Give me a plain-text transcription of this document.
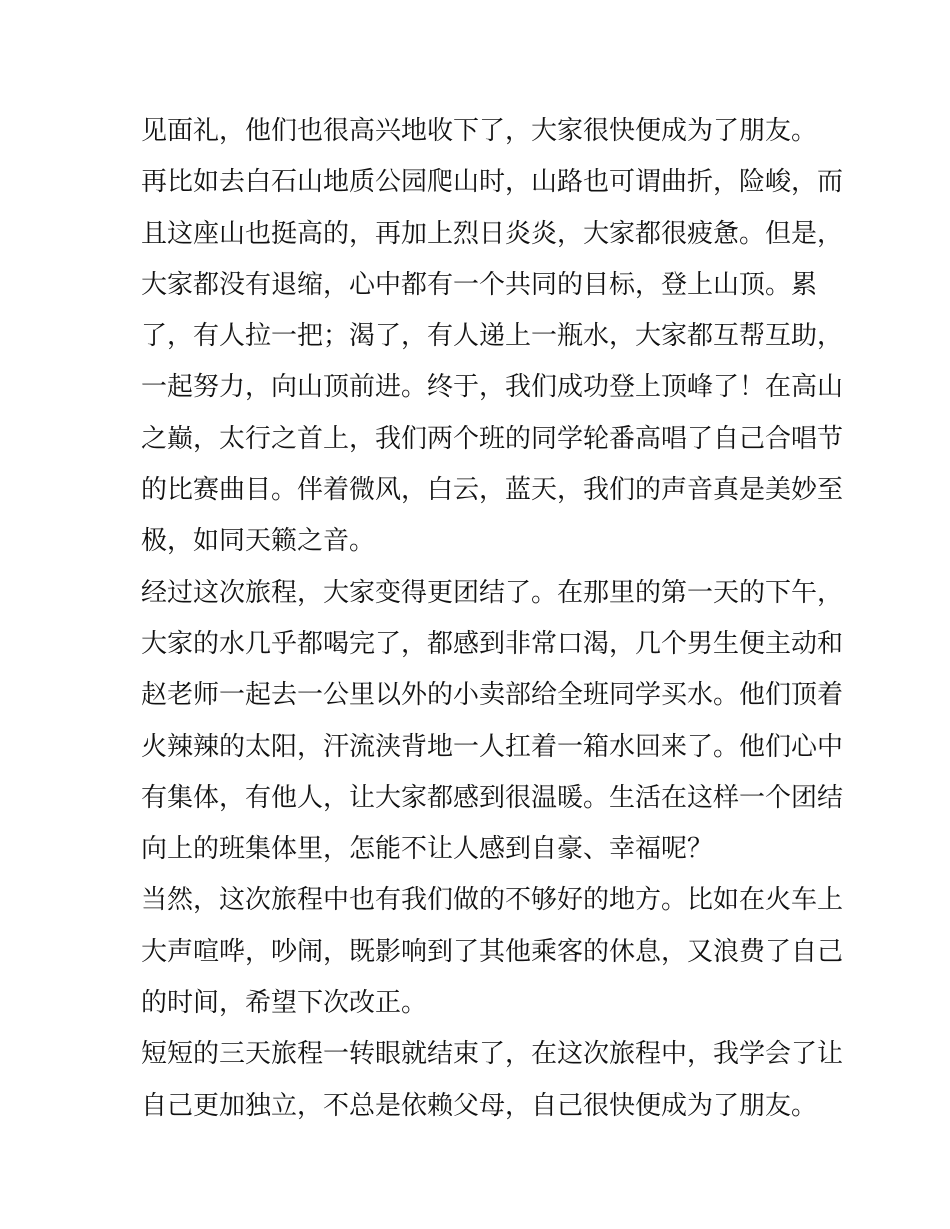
见面礼，他们也很高兴地收下了，大家很快便成为了朋友。
再比如去白石山地质公园爬山时，山路也可谓曲折，险峻，而
且这座山也挺高的，再加上烈日炎炎，大家都很疲惫。但是，
大家都没有退缩，心中都有一个共同的目标，登上山顶。累
了，有人拉一把；渴了，有人递上一瓶水，大家都互帮互助，
一起努力，向山顶前进。终于，我们成功登上顶峰了！在高山
之巅，太行之首上，我们两个班的同学轮番高唱了自己合唱节
的比赛曲目。伴着微风，白云，蓝天，我们的声音真是美妙至
极，如同天籁之音。
经过这次旅程，大家变得更团结了。在那里的第一天的下午，
大家的水几乎都喝完了，都感到非常口渴，几个男生便主动和
赵老师一起去一公里以外的小卖部给全班同学买水。他们顶着
火辣辣的太阳，汗流浃背地一人扛着一箱水回来了。他们心中
有集体，有他人，让大家都感到很温暖。生活在这样一个团结
向上的班集体里，怎能不让人感到自豪、幸福呢？
当然，这次旅程中也有我们做的不够好的地方。比如在火车上
大声喧哗，吵闹，既影响到了其他乘客的休息，又浪费了自己
的时间，希望下次改正。
短短的三天旅程一转眼就结束了，在这次旅程中，我学会了让
自己更加独立，不总是依赖父母，自己很快便成为了朋友。
